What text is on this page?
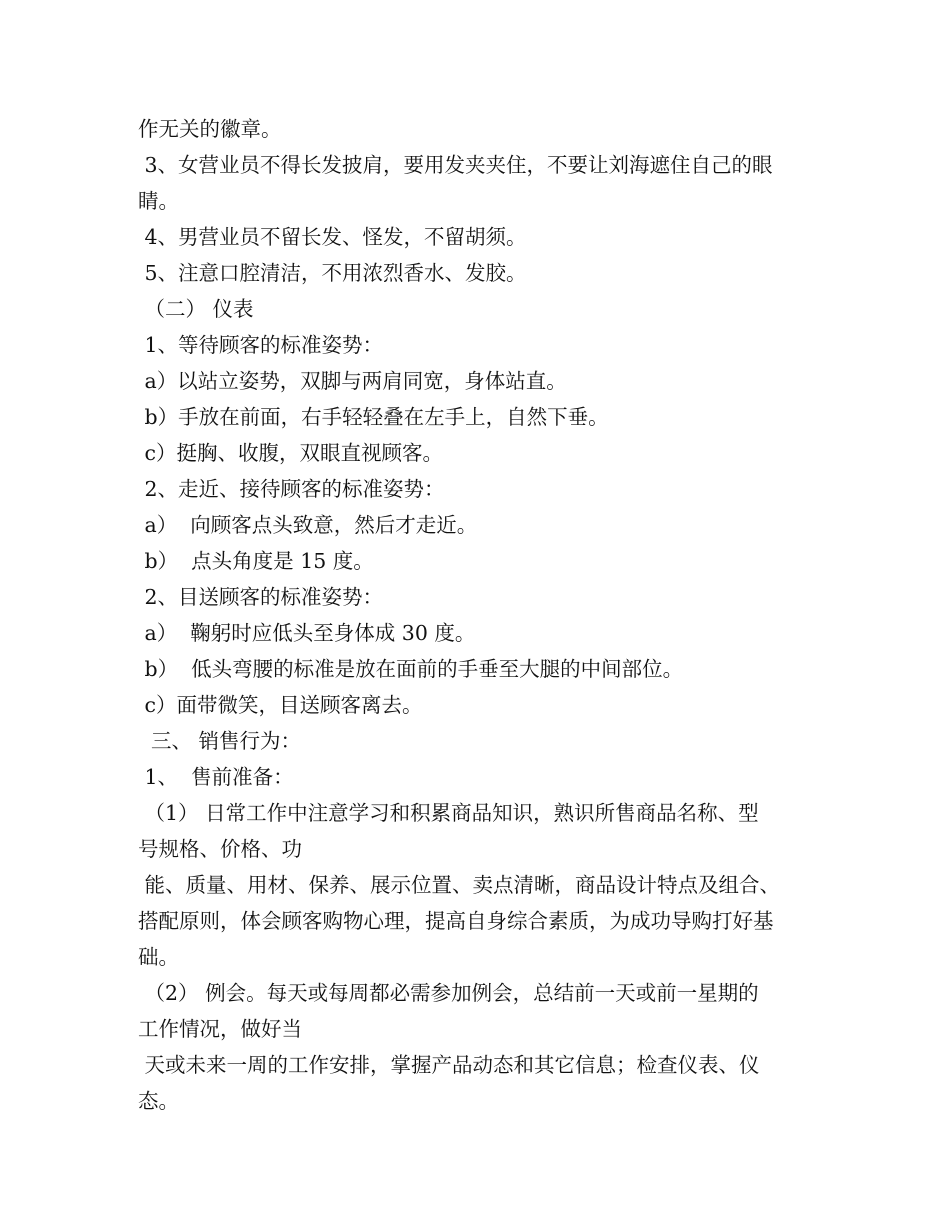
作无关的徽章。

3、女营业员不得长发披肩，要用发夹夹住，不要让刘海遮住自己的眼

睛。

4、男营业员不留长发、怪发，不留胡须。

5、注意口腔清洁，不用浓烈香水、发胶。

（二） 仪表

1、等待顾客的标准姿势：

a）以站立姿势，双脚与两肩同宽，身体站直。

b）手放在前面，右手轻轻叠在左手上，自然下垂。

c）挺胸、收腹，双眼直视顾客。

2、走近、接待顾客的标准姿势：

a）  向顾客点头致意，然后才走近。

b）  点头角度是 15 度。

2、目送顾客的标准姿势：

a）  鞠躬时应低头至身体成 30 度。

b）  低头弯腰的标准是放在面前的手垂至大腿的中间部位。

c）面带微笑，目送顾客离去。

三、 销售行为：

1、  售前准备：

（1） 日常工作中注意学习和积累商品知识，熟识所售商品名称、型

号规格、价格、功

能、质量、用材、保养、展示位置、卖点清晰，商品设计特点及组合、

搭配原则，体会顾客购物心理，提高自身综合素质，为成功导购打好基

础。

（2） 例会。每天或每周都必需参加例会，总结前一天或前一星期的

工作情况，做好当

天或未来一周的工作安排，掌握产品动态和其它信息；检查仪表、仪

态。
